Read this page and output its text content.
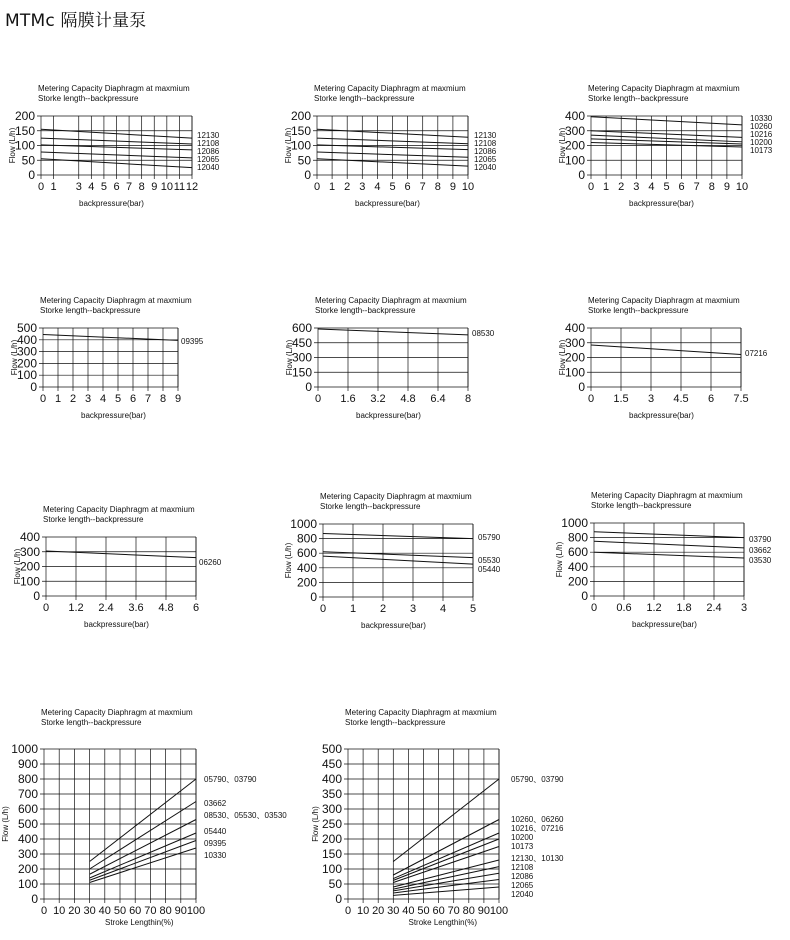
MTMc 隔膜计量泵
Metering Capacity Diaphragm at maxmium
Storke length--backpressure
0 1 3 4 5 6 7 8 9 10 11 12
0
50
100
150
200
backpressure(bar)
Flow (L/h)	12130
12108
12086
12065
12040
Metering Capacity Diaphragm at maxmium
Storke length--backpressure
0 1 2 3 4 5 6 7 8 9 10
0
50
100
150
200
backpressure(bar)
Flow (L/h)	12130
12108
12086
12065
12040
Metering Capacity Diaphragm at maxmium
Storke length--backpressure
0 1 2 3 4 5 6 7 8 9 10
0
100
200
300
400
backpressure(bar)
Flow (L/h)
10330
10260
10216
10200
10173
Metering Capacity Diaphragm at maxmium
Storke length--backpressure
0 1 2 3 4 5 6 7 8 9
0
100
200
300
400
500
backpressure(bar)
Flow (L/h)	09395
Metering Capacity Diaphragm at maxmium
Storke length--backpressure
0 1.6 3.2 4.8 6.4 8
0
150
300
450
600
backpressure(bar)
Flow (L/h)
08530
Metering Capacity Diaphragm at maxmium
Storke length--backpressure
0 1.5 3 4.5 6 7.5
0
100
200
300
400
backpressure(bar)
Flow (L/h)	07216
Metering Capacity Diaphragm at maxmium
Storke length--backpressure
0 1.2 2.4 3.6 4.8 6
0
100
200
300
400
backpressure(bar)
Flow (L/h)	06260
Metering Capacity Diaphragm at maxmium
Storke length--backpressure
0 1 2 3 4 5
0
200
400
600
800
1000
backpressure(bar)
Flow (L/h)
05790
05530
05440
Metering Capacity Diaphragm at maxmium
Storke length--backpressure
0 0.6 1.2 1.8 2.4 3
0
200
400
600
800
1000
backpressure(bar)
Flow (L/h)
03790
03662
03530
Metering Capacity Diaphragm at maxmium
Storke length--backpressure
0 10 20 30 40 50 60 70 80 90 100
0
100
200
300
400
500
600
700
800
900
1000
Stroke Lengthin(%)
Flow (L/h)
05790、03790
03662
08530、05530、03530
05440
09395
10330
Metering Capacity Diaphragm at maxmium
Storke length--backpressure
0 10 20 30 40 50 60 70 80 90 100
0
50
100
150
200
250
300
350
400
450
500
Stroke Lengthin(%)
Flow (L/h)
05790、03790
10260、06260
10216、07216
10200
10173
12130、10130
12108
12086
12065
12040
